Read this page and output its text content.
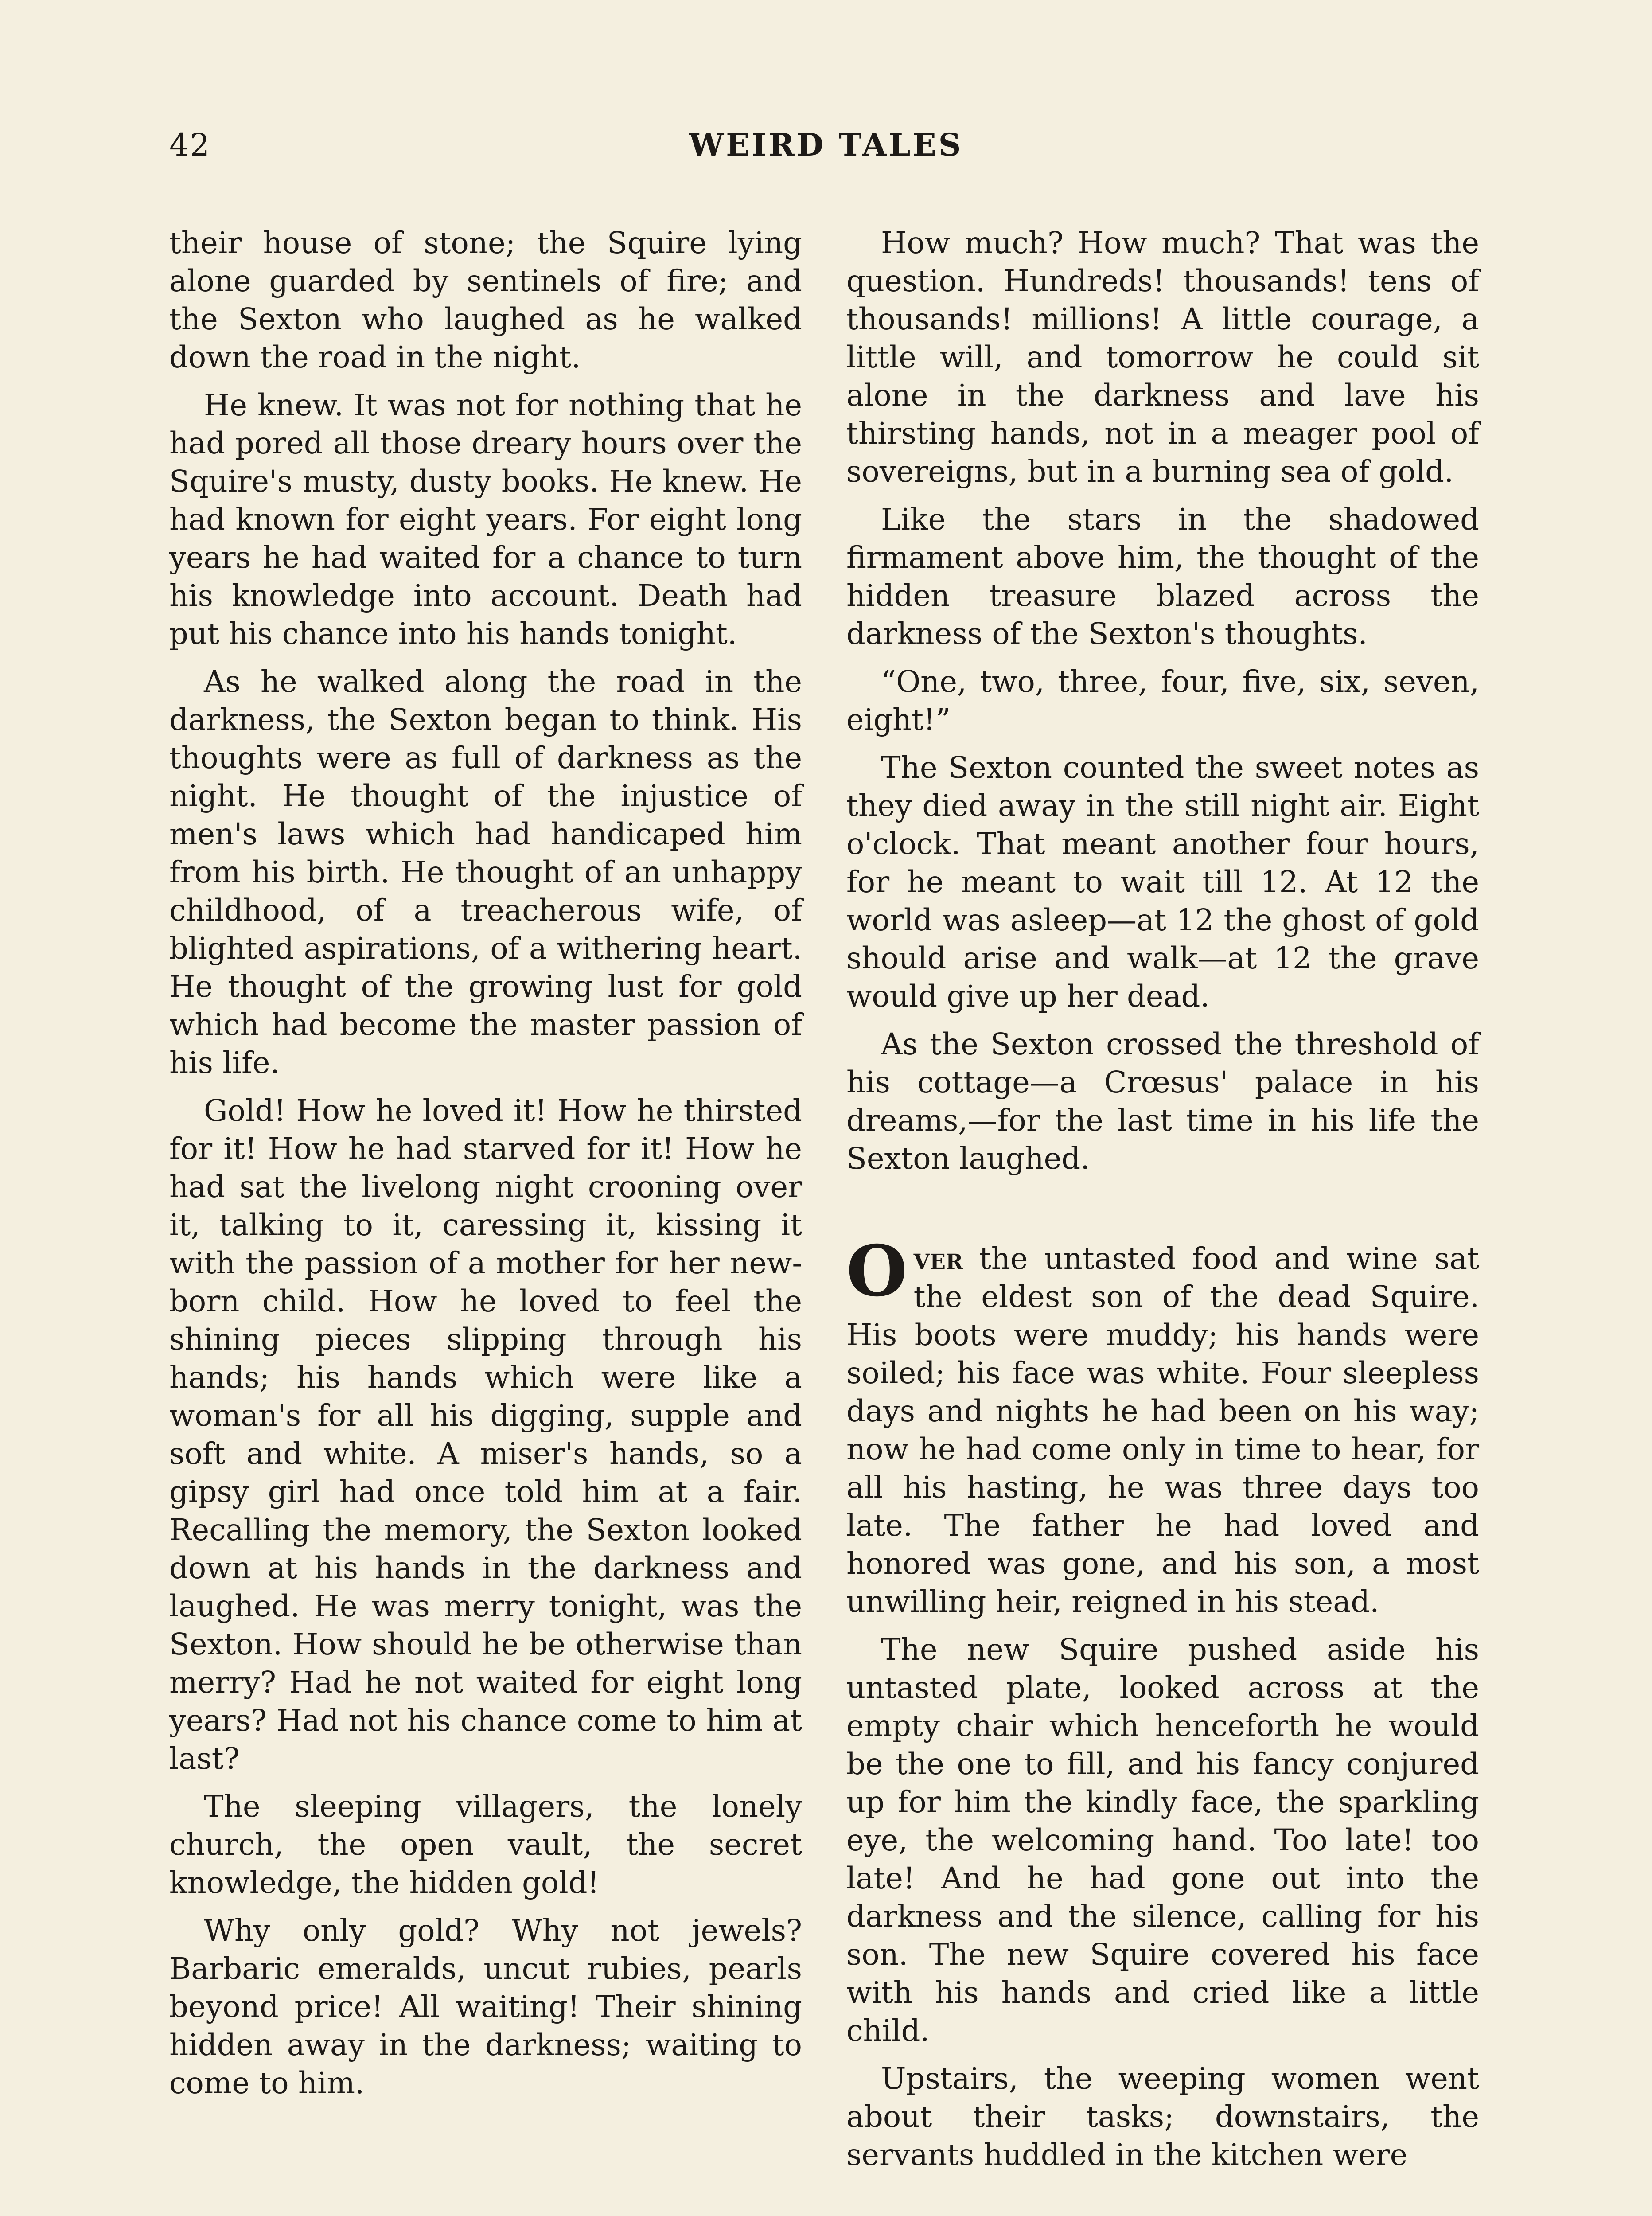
42	WEIRD TALES

their house of stone; the Squire lying alone guarded by sentinels of fire; and the Sexton who laughed as he walked down the road in the night.

He knew. It was not for nothing that he had pored all those dreary hours over the Squire's musty, dusty books. He knew. He had known for eight years. For eight long years he had waited for a chance to turn his knowledge into account. Death had put his chance into his hands tonight.

As he walked along the road in the darkness, the Sexton began to think. His thoughts were as full of darkness as the night. He thought of the injustice of men's laws which had handicaped him from his birth. He thought of an unhappy childhood, of a treacherous wife, of blighted aspirations, of a withering heart. He thought of the growing lust for gold which had become the master passion of his life.

Gold! How he loved it! How he thirsted for it! How he had starved for it! How he had sat the livelong night crooning over it, talking to it, caressing it, kissing it with the passion of a mother for her new-born child. How he loved to feel the shining pieces slipping through his hands; his hands which were like a woman's for all his digging, supple and soft and white. A miser's hands, so a gipsy girl had once told him at a fair. Recalling the memory, the Sexton looked down at his hands in the darkness and laughed. He was merry tonight, was the Sexton. How should he be otherwise than merry? Had he not waited for eight long years? Had not his chance come to him at last?

The sleeping villagers, the lonely church, the open vault, the secret knowledge, the hidden gold!

Why only gold? Why not jewels? Barbaric emeralds, uncut rubies, pearls beyond price! All waiting! Their shining hidden away in the darkness; waiting to come to him.

How much? How much? That was the question. Hundreds! thousands! tens of thousands! millions! A little courage, a little will, and tomorrow he could sit alone in the darkness and lave his thirsting hands, not in a meager pool of sovereigns, but in a burning sea of gold.

Like the stars in the shadowed firmament above him, the thought of the hidden treasure blazed across the darkness of the Sexton's thoughts.

“One, two, three, four, five, six, seven, eight!”

The Sexton counted the sweet notes as they died away in the still night air. Eight o'clock. That meant another four hours, for he meant to wait till 12. At 12 the world was asleep—at 12 the ghost of gold should arise and walk—at 12 the grave would give up her dead.

As the Sexton crossed the threshold of his cottage—a Crœsus' palace in his dreams,—for the last time in his life the Sexton laughed.

Over the untasted food and wine sat the eldest son of the dead Squire. His boots were muddy; his hands were soiled; his face was white. Four sleepless days and nights he had been on his way; now he had come only in time to hear, for all his hasting, he was three days too late. The father he had loved and honored was gone, and his son, a most unwilling heir, reigned in his stead.

The new Squire pushed aside his untasted plate, looked across at the empty chair which henceforth he would be the one to fill, and his fancy conjured up for him the kindly face, the sparkling eye, the welcoming hand. Too late! too late! And he had gone out into the darkness and the silence, calling for his son. The new Squire covered his face with his hands and cried like a little child.

Upstairs, the weeping women went about their tasks; downstairs, the servants huddled in the kitchen were
